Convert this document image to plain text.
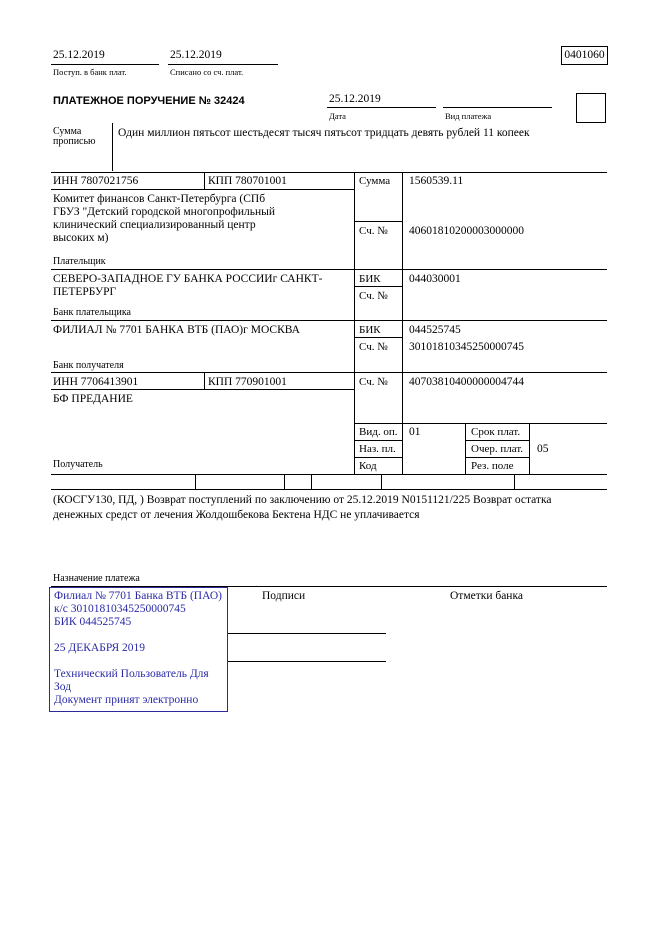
25.12.2019
Поступ. в банк плат.
25.12.2019
Списано со сч. плат.
0401060
ПЛАТЕЖНОЕ ПОРУЧЕНИЕ № 32424	25.12.2019
Дата	Вид платежа
Сумма
прописью
Один миллион пятьсот шестьдесят тысяч пятьсот тридцать девять рублей 11 копеек
ИНН 7807021756	КПП 780701001
Комитет финансов Санкт-Петербурга (СПб
ГБУЗ "Детский городской многопрофильный
клинический специализированный центр
высоких м)
Плательщик
Сумма 1560539.11
Сч. № 40601810200003000000
СЕВЕРО-ЗАПАДНОЕ ГУ БАНКА РОССИИг САНКТ-
ПЕТЕРБУРГ
Банк плательщика
БИК 044030001
Сч. №
ФИЛИАЛ № 7701 БАНКА ВТБ (ПАО)г МОСКВА
Банк получателя
БИК 044525745
Сч. № 30101810345250000745
ИНН 7706413901	КПП 770901001
БФ ПРЕДАНИЕ
Получатель
Сч. № 40703810400000004744
Вид. оп. 01
Наз. пл.
Код
Срок плат.
Очер. плат. 05
Рез. поле
(КОСГУ130, ПД, ) Возврат поступлений по заключению от 25.12.2019 N0151121/225 Возврат остатка
денежных средст от лечения Жолдошбекова Бектена НДС не уплачивается
Назначение платежа
Подписи	Отметки банка
Филиал № 7701 Банка ВТБ (ПАО)
к/с 30101810345250000745
БИК 044525745
25 ДЕКАБРЯ 2019
Технический Пользователь Для
Зод
Документ принят электронно
